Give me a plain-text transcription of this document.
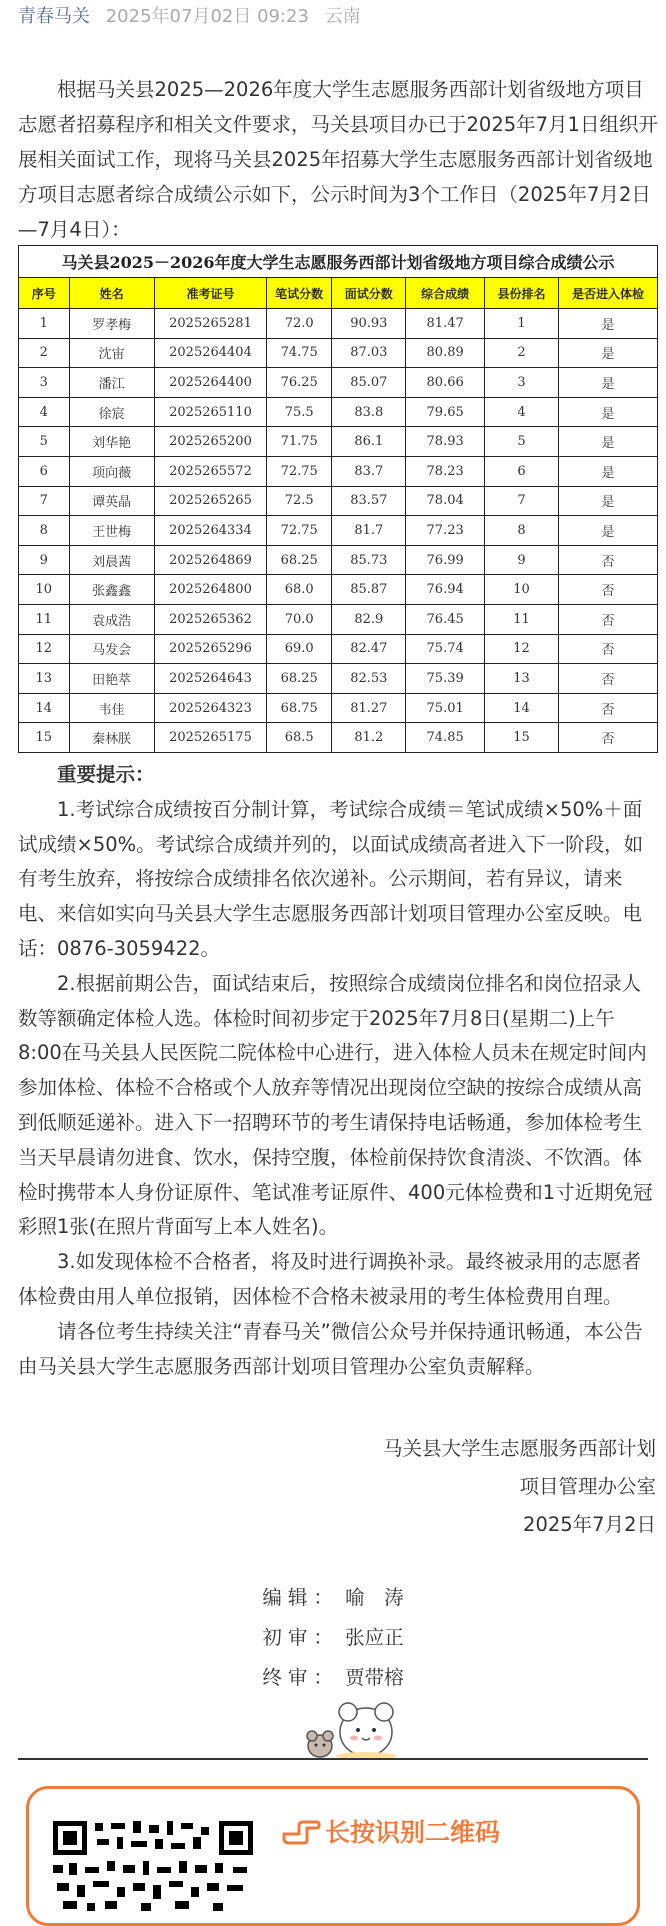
青春马关 2025年07月02日 09:23 云南

根据马关县2025—2026年度大学生志愿服务西部计划省级地方项目志愿者招募程序和相关文件要求，马关县项目办已于2025年7月1日组织开展相关面试工作，现将马关县2025年招募大学生志愿服务西部计划省级地方项目志愿者综合成绩公示如下，公示时间为3个工作日（2025年7月2日—7月4日）：

马关县2025－2026年度大学生志愿服务西部计划省级地方项目综合成绩公示							
序号	姓名	准考证号	笔试分数	面试分数	综合成绩	县份排名	是否进入体检
1	罗孝梅	2025265281	72.0	90.93	81.47	1	是
2	沈宙	2025264404	74.75	87.03	80.89	2	是
3	潘江	2025264400	76.25	85.07	80.66	3	是
4	徐宸	2025265110	75.5	83.8	79.65	4	是
5	刘华艳	2025265200	71.75	86.1	78.93	5	是
6	项向薇	2025265572	72.75	83.7	78.23	6	是
7	谭英晶	2025265265	72.5	83.57	78.04	7	是
8	王世梅	2025264334	72.75	81.7	77.23	8	是
9	刘晨茜	2025264869	68.25	85.73	76.99	9	否
10	张鑫鑫	2025264800	68.0	85.87	76.94	10	否
11	袁成浩	2025265362	70.0	82.9	76.45	11	否
12	马发会	2025265296	69.0	82.47	75.74	12	否
13	田艳萃	2025264643	68.25	82.53	75.39	13	否
14	韦佳	2025264323	68.75	81.27	75.01	14	否
15	秦林朕	2025265175	68.5	81.2	74.85	15	否

重要提示：

1.考试综合成绩按百分制计算，考试综合成绩＝笔试成绩×50%＋面试成绩×50%。考试综合成绩并列的，以面试成绩高者进入下一阶段，如有考生放弃，将按综合成绩排名依次递补。公示期间，若有异议，请来电、来信如实向马关县大学生志愿服务西部计划项目管理办公室反映。电话：0876-3059422。

2.根据前期公告，面试结束后，按照综合成绩岗位排名和岗位招录人数等额确定体检人选。体检时间初步定于2025年7月8日(星期二)上午8:00在马关县人民医院二院体检中心进行，进入体检人员未在规定时间内参加体检、体检不合格或个人放弃等情况出现岗位空缺的按综合成绩从高到低顺延递补。进入下一招聘环节的考生请保持电话畅通，参加体检考生当天早晨请勿进食、饮水，保持空腹，体检前保持饮食清淡、不饮酒。体检时携带本人身份证原件、笔试准考证原件、400元体检费和1寸近期免冠彩照1张(在照片背面写上本人姓名)。

3.如发现体检不合格者，将及时进行调换补录。最终被录用的志愿者体检费由用人单位报销，因体检不合格未被录用的考生体检费用自理。

请各位考生持续关注“青春马关”微信公众号并保持通讯畅通，本公告由马关县大学生志愿服务西部计划项目管理办公室负责解释。

马关县大学生志愿服务西部计划
项目管理办公室
2025年7月2日
编辑： 喻　涛
初审： 张应正
终审： 贾带榕
长按识别二维码
